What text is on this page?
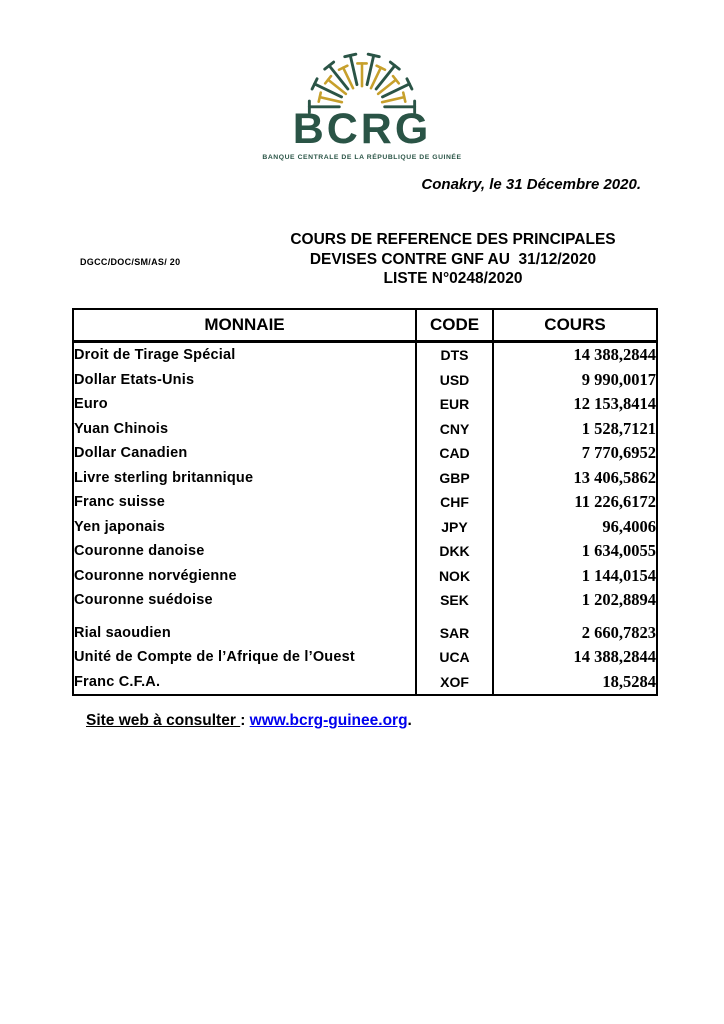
BCRG
BANQUE CENTRALE DE LA RÉPUBLIQUE DE GUINÉE
Conakry, le 31 Décembre 2020.
DGCC/DOC/SM/AS/ 20
COURS DE REFERENCE DES PRINCIPALES
DEVISES CONTRE GNF AU  31/12/2020
LISTE N°0248/2020
MONNAIE	CODE	COURS
Droit de Tirage Spécial	DTS	14 388,2844
Dollar Etats-Unis	USD	9 990,0017
Euro	EUR	12 153,8414
Yuan Chinois	CNY	1 528,7121
Dollar Canadien	CAD	7 770,6952
Livre sterling britannique	GBP	13 406,5862
Franc suisse	CHF	11 226,6172
Yen japonais	JPY	96,4006
Couronne danoise	DKK	1 634,0055
Couronne norvégienne	NOK	1 144,0154
Couronne suédoise	SEK	1 202,8894
Rial saoudien	SAR	2 660,7823
Unité de Compte de l’Afrique de l’Ouest	UCA	14 388,2844
Franc C.F.A.	XOF	18,5284
Site web à consulter : www.bcrg-guinee.org.
